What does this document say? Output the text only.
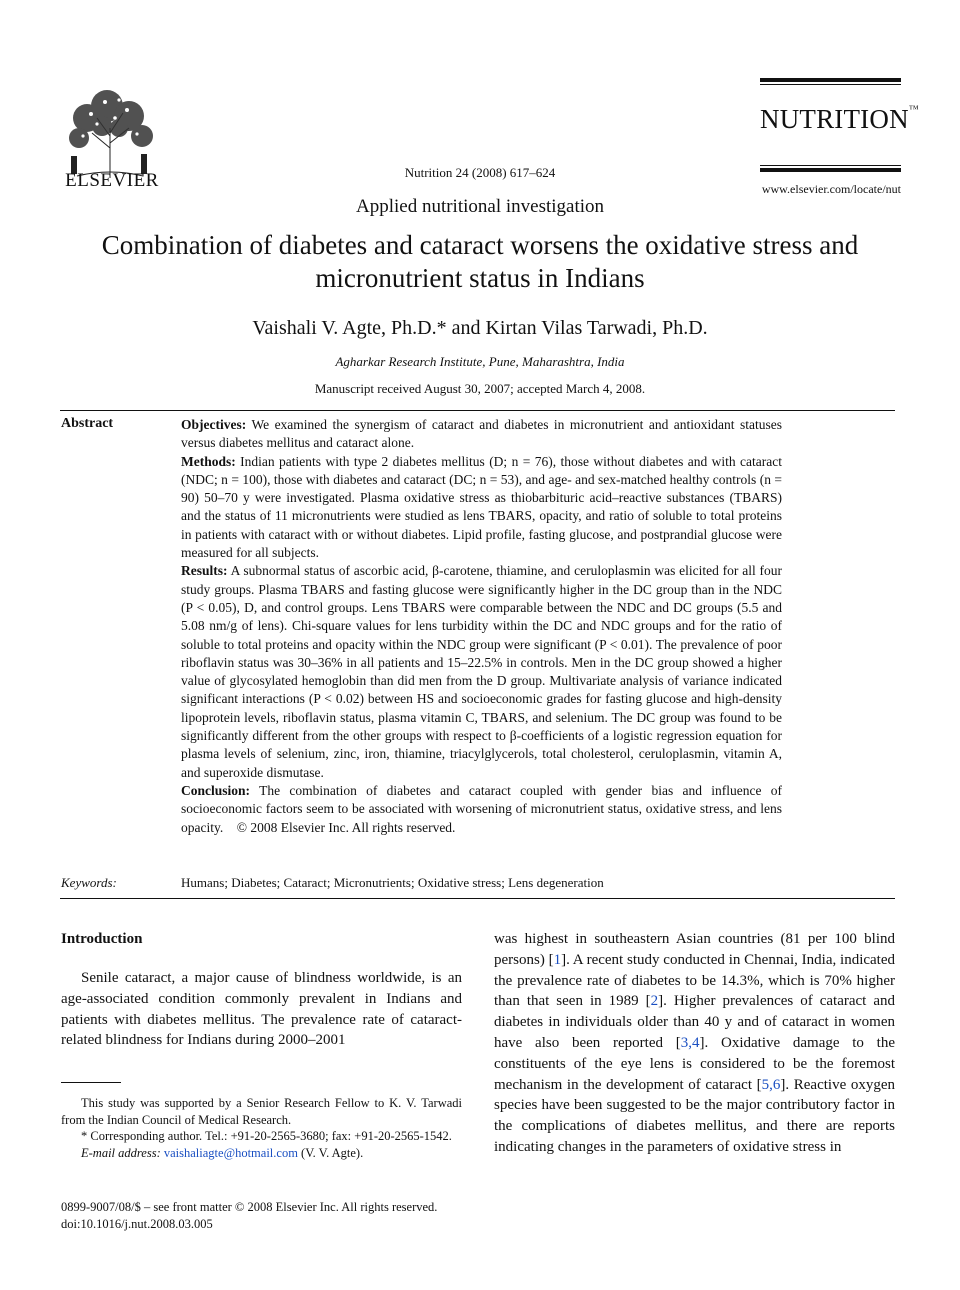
ELSEVIER	Nutrition 24 (2008) 617–624
Applied nutritional investigation
NUTRITION™
www.elsevier.com/locate/nut
Combination of diabetes and cataract worsens the oxidative stress and micronutrient status in Indians
Vaishali V. Agte, Ph.D.* and Kirtan Vilas Tarwadi, Ph.D.
Agharkar Research Institute, Pune, Maharashtra, India
Manuscript received August 30, 2007; accepted March 4, 2008.
Abstract	Objectives: We examined the synergism of cataract and diabetes in micronutrient and antioxidant statuses versus diabetes mellitus and cataract alone.

Methods: Indian patients with type 2 diabetes mellitus (D; n = 76), those without diabetes and with cataract (NDC; n = 100), those with diabetes and cataract (DC; n = 53), and age- and sex-matched healthy controls (n = 90) 50–70 y were investigated. Plasma oxidative stress as thiobarbituric acid–reactive substances (TBARS) and the status of 11 micronutrients were studied as lens TBARS, opacity, and ratio of soluble to total proteins in patients with cataract with or without diabetes. Lipid profile, fasting glucose, and postprandial glucose were measured for all subjects.

Results: A subnormal status of ascorbic acid, β-carotene, thiamine, and ceruloplasmin was elicited for all four study groups. Plasma TBARS and fasting glucose were significantly higher in the DC group than in the NDC (P < 0.05), D, and control groups. Lens TBARS were comparable between the NDC and DC groups (5.5 and 5.08 nm/g of lens). Chi-square values for lens turbidity within the DC and NDC groups and for the ratio of soluble to total proteins and opacity within the NDC group were significant (P < 0.01). The prevalence of poor riboflavin status was 30–36% in all patients and 15–22.5% in controls. Men in the DC group showed a higher value of glycosylated hemoglobin than did men from the D group. Multivariate analysis of variance indicated significant interactions (P < 0.02) between HS and socioeconomic grades for fasting glucose and high-density lipoprotein levels, riboflavin status, plasma vitamin C, TBARS, and selenium. The DC group was found to be significantly different from the other groups with respect to β-coefficients of a logistic regression equation for plasma levels of selenium, zinc, iron, thiamine, triacylglycerols, total cholesterol, ceruloplasmin, vitamin A, and superoxide dismutase.

Conclusion: The combination of diabetes and cataract coupled with gender bias and influence of socioeconomic factors seem to be associated with worsening of micronutrient status, oxidative stress, and lens opacity. © 2008 Elsevier Inc. All rights reserved.

Keywords:	Humans; Diabetes; Cataract; Micronutrients; Oxidative stress; Lens degeneration
Introduction
Senile cataract, a major cause of blindness worldwide, is an age-associated condition commonly prevalent in Indians and patients with diabetes mellitus. The prevalence rate of cataract-related blindness for Indians during 2000–2001
was highest in southeastern Asian countries (81 per 100 blind persons) [1]. A recent study conducted in Chennai, India, indicated the prevalence rate of diabetes to be 14.3%, which is 70% higher than that seen in 1989 [2]. Higher prevalences of cataract and diabetes in individuals older than 40 y and of cataract in women have also been reported [3,4]. Oxidative damage to the constituents of the eye lens is considered to be the foremost mechanism in the development of cataract [5,6]. Reactive oxygen species have been suggested to be the major contributory factor in the complications of diabetes mellitus, and there are reports indicating changes in the parameters of oxidative stress in

This study was supported by a Senior Research Fellow to K. V. Tarwadi from the Indian Council of Medical Research.

* Corresponding author. Tel.: +91-20-2565-3680; fax: +91-20-2565-1542.

E-mail address: vaishaliagte@hotmail.com (V. V. Agte).

0899-9007/08/$ – see front matter © 2008 Elsevier Inc. All rights reserved.
doi:10.1016/j.nut.2008.03.005
